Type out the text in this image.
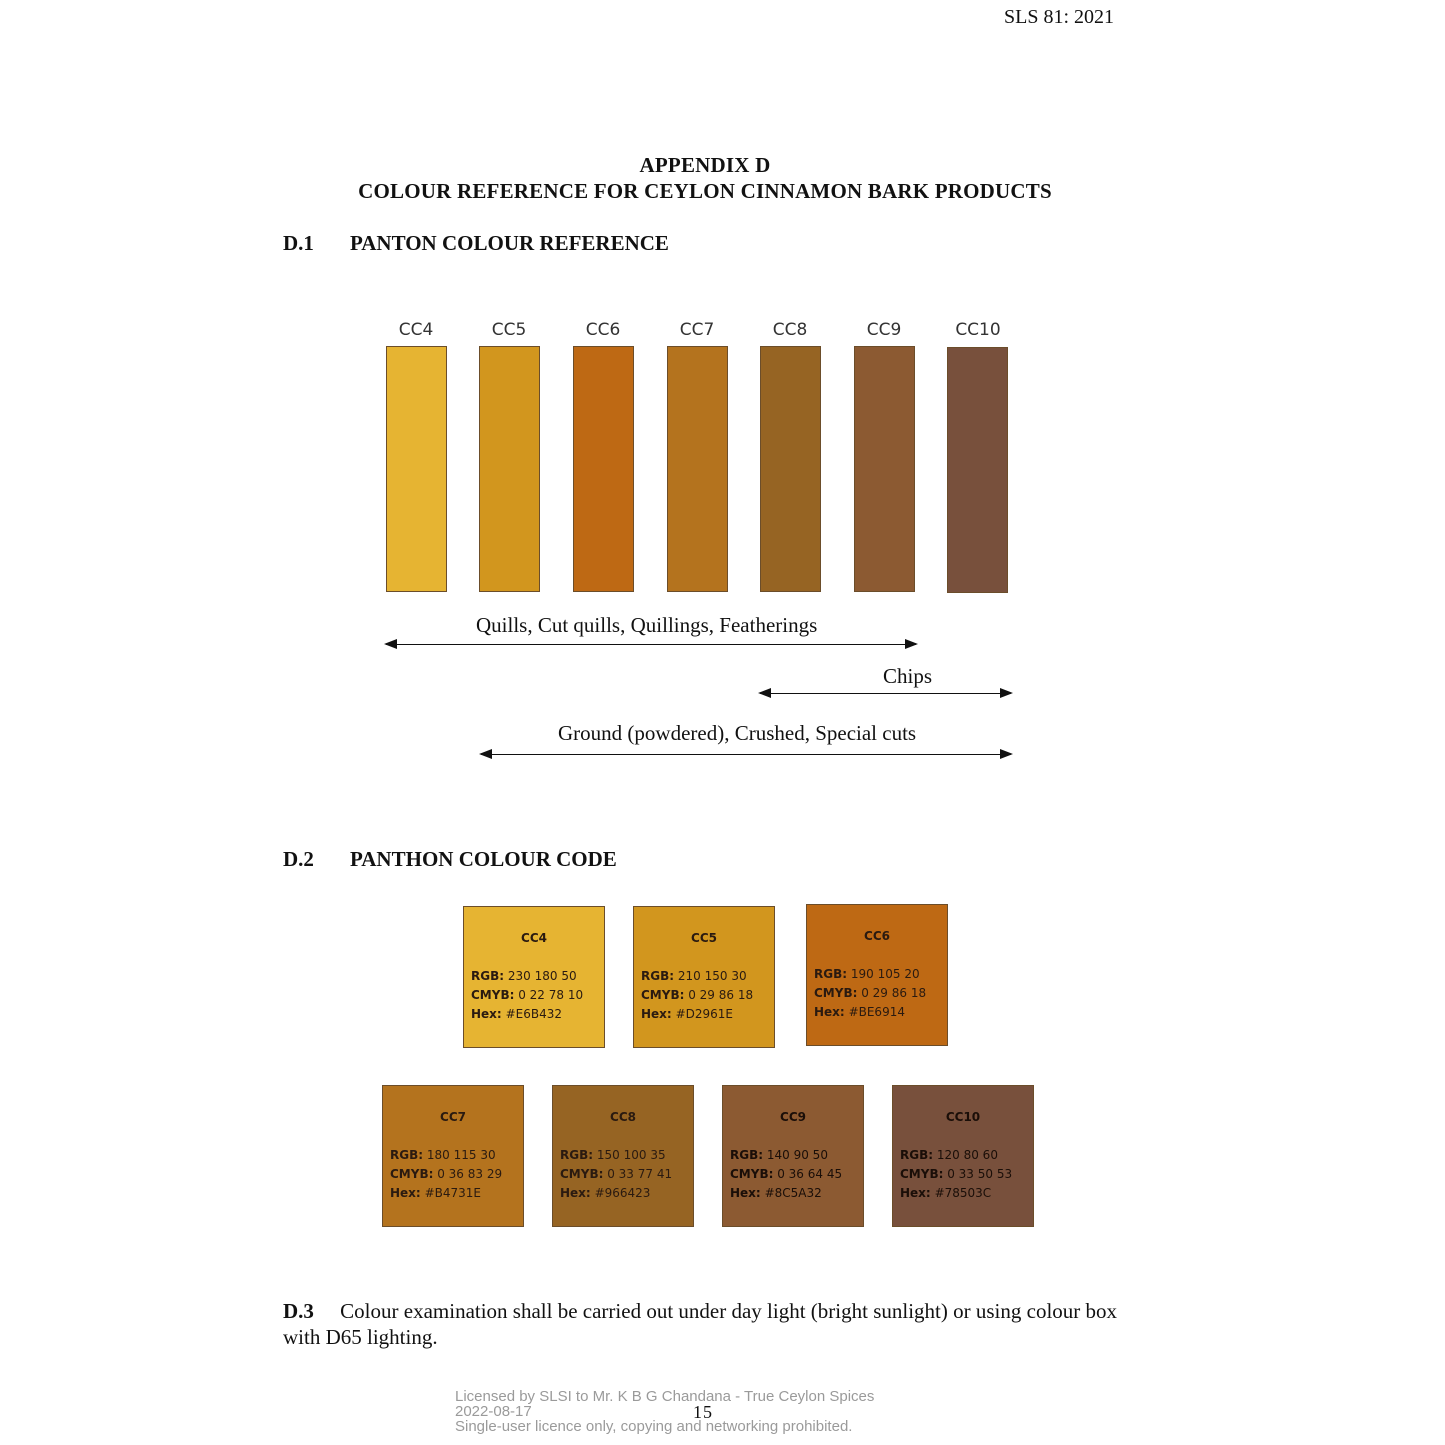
SLS 81: 2021
APPENDIX D
COLOUR REFERENCE FOR CEYLON CINNAMON BARK PRODUCTS
D.1 PANTON COLOUR REFERENCE
CC4	CC5	CC6	CC7	CC8	CC9	CC10
Quills, Cut quills, Quillings, Featherings
Chips
Ground (powdered), Crushed, Special cuts
D.2 PANTHON COLOUR CODE
CC4
RGB: 230 180 50
CMYB: 0 22 78 10
Hex: #E6B432
CC5
RGB: 210 150 30
CMYB: 0 29 86 18
Hex: #D2961E
CC6
RGB: 190 105 20
CMYB: 0 29 86 18
Hex: #BE6914
CC7
RGB: 180 115 30
CMYB: 0 36 83 29
Hex: #B4731E
CC8
RGB: 150 100 35
CMYB: 0 33 77 41
Hex: #966423
CC9
RGB: 140 90 50
CMYB: 0 36 64 45
Hex: #8C5A32
CC10
RGB: 120 80 60
CMYB: 0 33 50 53
Hex: #78503C
D.3 Colour examination shall be carried out under day light (bright sunlight) or using colour box with D65 lighting.
Licensed by SLSI to Mr. K B G Chandana - True Ceylon Spices
2022-08-17
Single-user licence only, copying and networking prohibited.
15
